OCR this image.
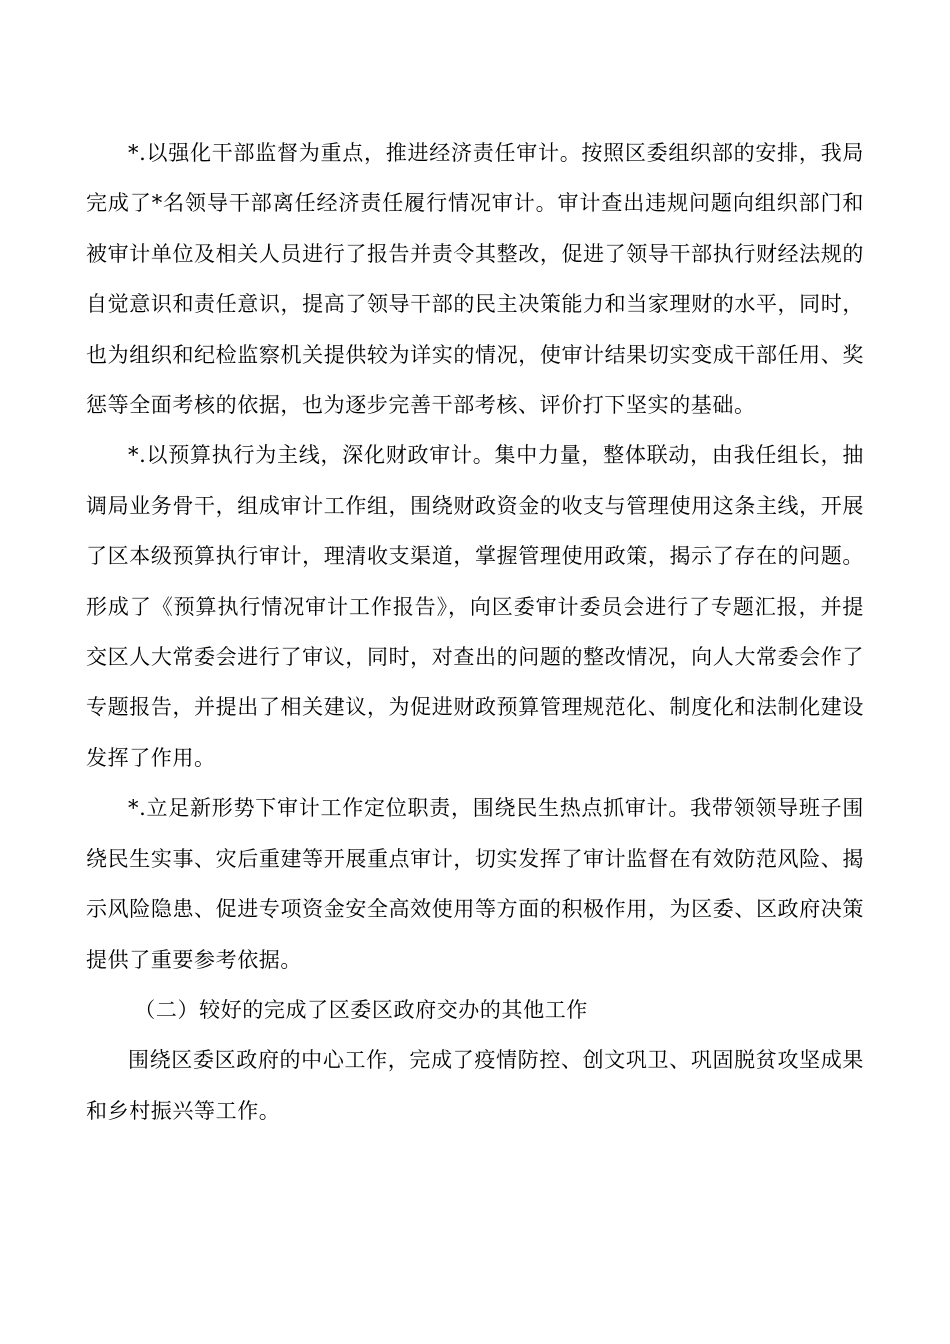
*.以强化干部监督为重点，推进经济责任审计。按照区委组织部的安排，我局完成了*名领导干部离任经济责任履行情况审计。审计查出违规问题向组织部门和被审计单位及相关人员进行了报告并责令其整改，促进了领导干部执行财经法规的自觉意识和责任意识，提高了领导干部的民主决策能力和当家理财的水平，同时，也为组织和纪检监察机关提供较为详实的情况，使审计结果切实变成干部任用、奖惩等全面考核的依据，也为逐步完善干部考核、评价打下坚实的基础。

*.以预算执行为主线，深化财政审计。集中力量，整体联动，由我任组长，抽调局业务骨干，组成审计工作组，围绕财政资金的收支与管理使用这条主线，开展了区本级预算执行审计，理清收支渠道，掌握管理使用政策，揭示了存在的问题。形成了《预算执行情况审计工作报告》，向区委审计委员会进行了专题汇报，并提交区人大常委会进行了审议，同时，对查出的问题的整改情况，向人大常委会作了专题报告，并提出了相关建议，为促进财政预算管理规范化、制度化和法制化建设发挥了作用。

*.立足新形势下审计工作定位职责，围绕民生热点抓审计。我带领领导班子围绕民生实事、灾后重建等开展重点审计，切实发挥了审计监督在有效防范风险、揭示风险隐患、促进专项资金安全高效使用等方面的积极作用，为区委、区政府决策提供了重要参考依据。

（二）较好的完成了区委区政府交办的其他工作

围绕区委区政府的中心工作，完成了疫情防控、创文巩卫、巩固脱贫攻坚成果和乡村振兴等工作。
